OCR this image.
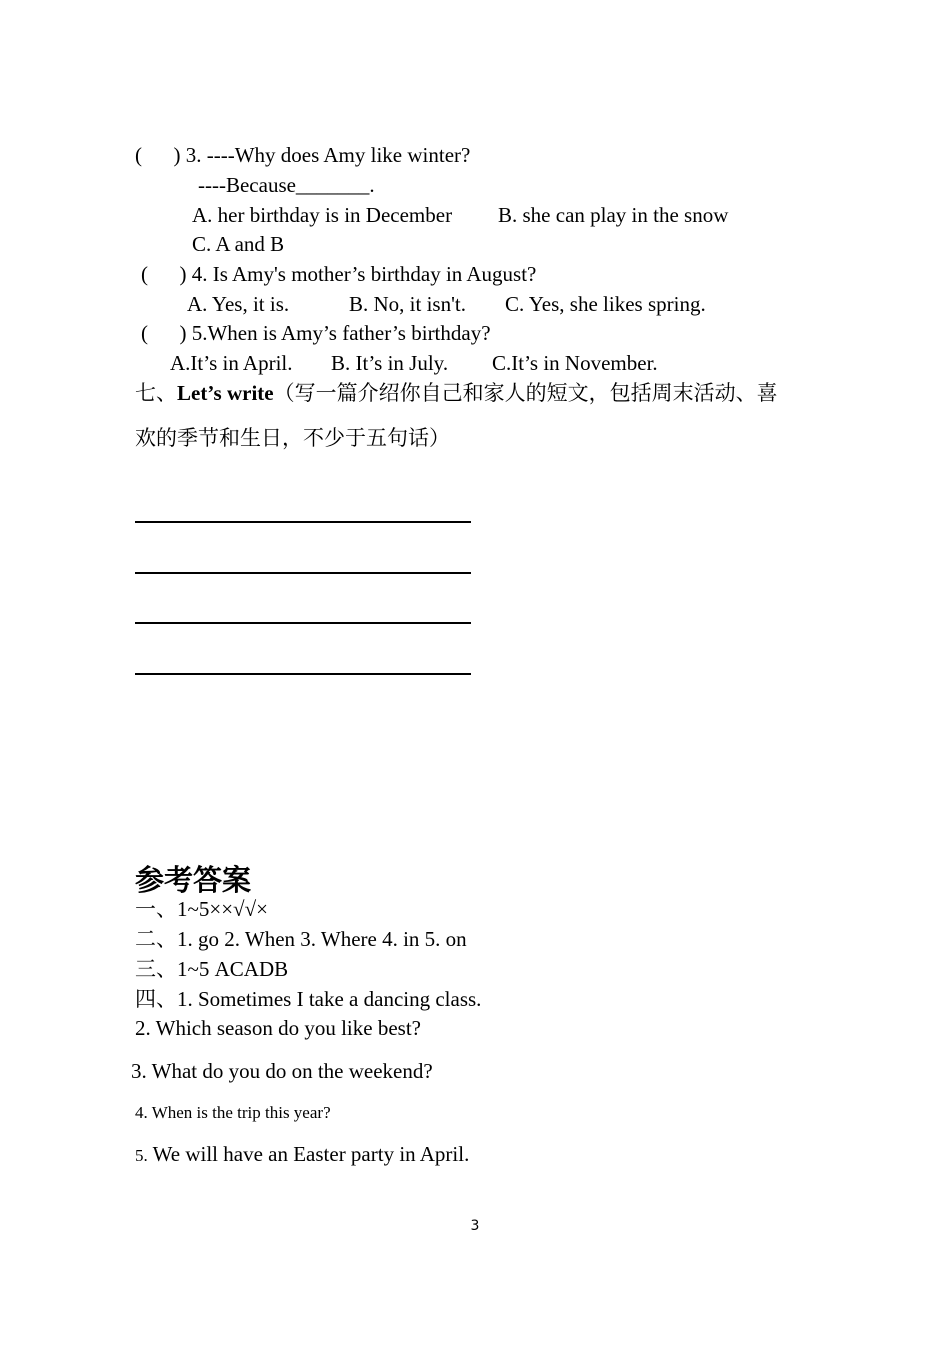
(      ) 3. ----Why does Amy like winter?
----Because_______.
A. her birthday is in December B. she can play in the snow
C. A and B
(      ) 4. Is Amy's mother’s birthday in August?
A. Yes, it is.	B. No, it isn't. C. Yes, she likes spring.
(      ) 5.When is Amy’s father’s birthday?
A.It’s in April. B. It’s in July. C.It’s in November.
七、Let’s write（写一篇介绍你自己和家人的短文，包括周末活动、喜
欢的季节和生日，不少于五句话）
参考答案
一、1~5××√√×
二、1. go 2. When 3. Where 4. in 5. on
三、1~5 ACADB
四、1. Sometimes I take a dancing class.
2. Which season do you like best?
3. What do you do on the weekend?
4. When is the trip this year?
5. We will have an Easter party in April.
3
